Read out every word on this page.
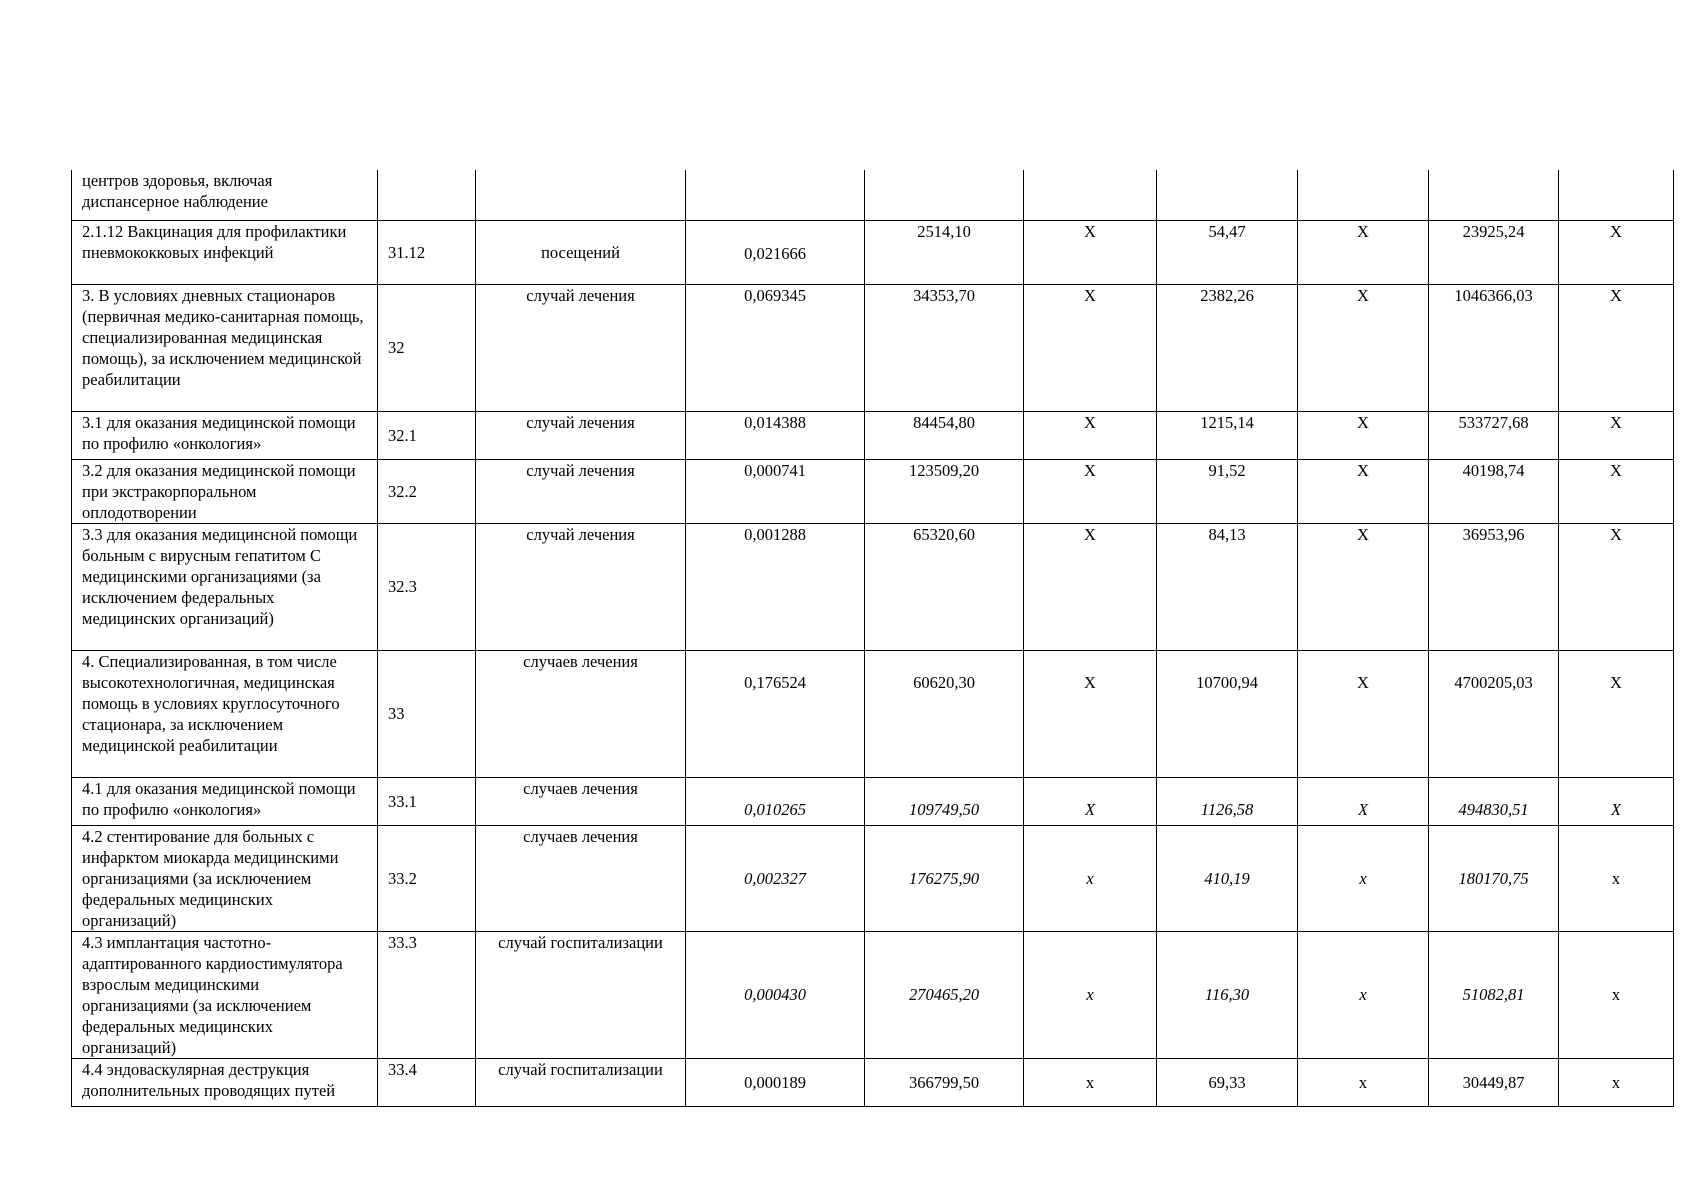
центров здоровья, включая диспансерное наблюдение									
2.1.12 Вакцинация для профилактики пневмококковых инфекций	31.12	посещений	0,021666	2514,10	Х	54,47	Х	23925,24	Х
3. В условиях дневных стационаров (первичная медико-санитарная помощь, специализированная медицинская помощь), за исключением медицинской реабилитации	32	случай лечения	0,069345	34353,70	Х	2382,26	Х	1046366,03	Х
3.1 для оказания медицинской помощи по профилю «онкология»	32.1	случай лечения	0,014388	84454,80	Х	1215,14	Х	533727,68	Х
3.2 для оказания медицинской помощи при экстракорпоральном оплодотворении	32.2	случай лечения	0,000741	123509,20	Х	91,52	Х	40198,74	Х
3.3 для оказания медицинсной помощи больным с вирусным гепатитом С медицинскими организациями (за исключением федеральных медицинских организаций)	32.3	случай лечения	0,001288	65320,60	Х	84,13	Х	36953,96	Х
4. Специализированная, в том числе высокотехнологичная, медицинская помощь в условиях круглосуточного стационара, за исключением медицинской реабилитации	33	случаев лечения	0,176524	60620,30	Х	10700,94	Х	4700205,03	Х
4.1 для оказания медицинской помощи по профилю «онкология»	33.1	случаев лечения	0,010265	109749,50	Х	1126,58	Х	494830,51	Х
4.2 стентирование для больных с инфарктом миокарда медицинскими организациями (за исключением федеральных медицинских организаций)	33.2	случаев лечения	0,002327	176275,90	х	410,19	х	180170,75	х
4.3 имплантация частотно-адаптированного кардиостимулятора взрослым медицинскими организациями (за исключением федеральных медицинских организаций)	33.3	случай госпитализации	0,000430	270465,20	х	116,30	х	51082,81	х
4.4 эндоваскулярная деструкция дополнительных проводящих путей	33.4	случай госпитализации	0,000189	366799,50	х	69,33	х	30449,87	х
